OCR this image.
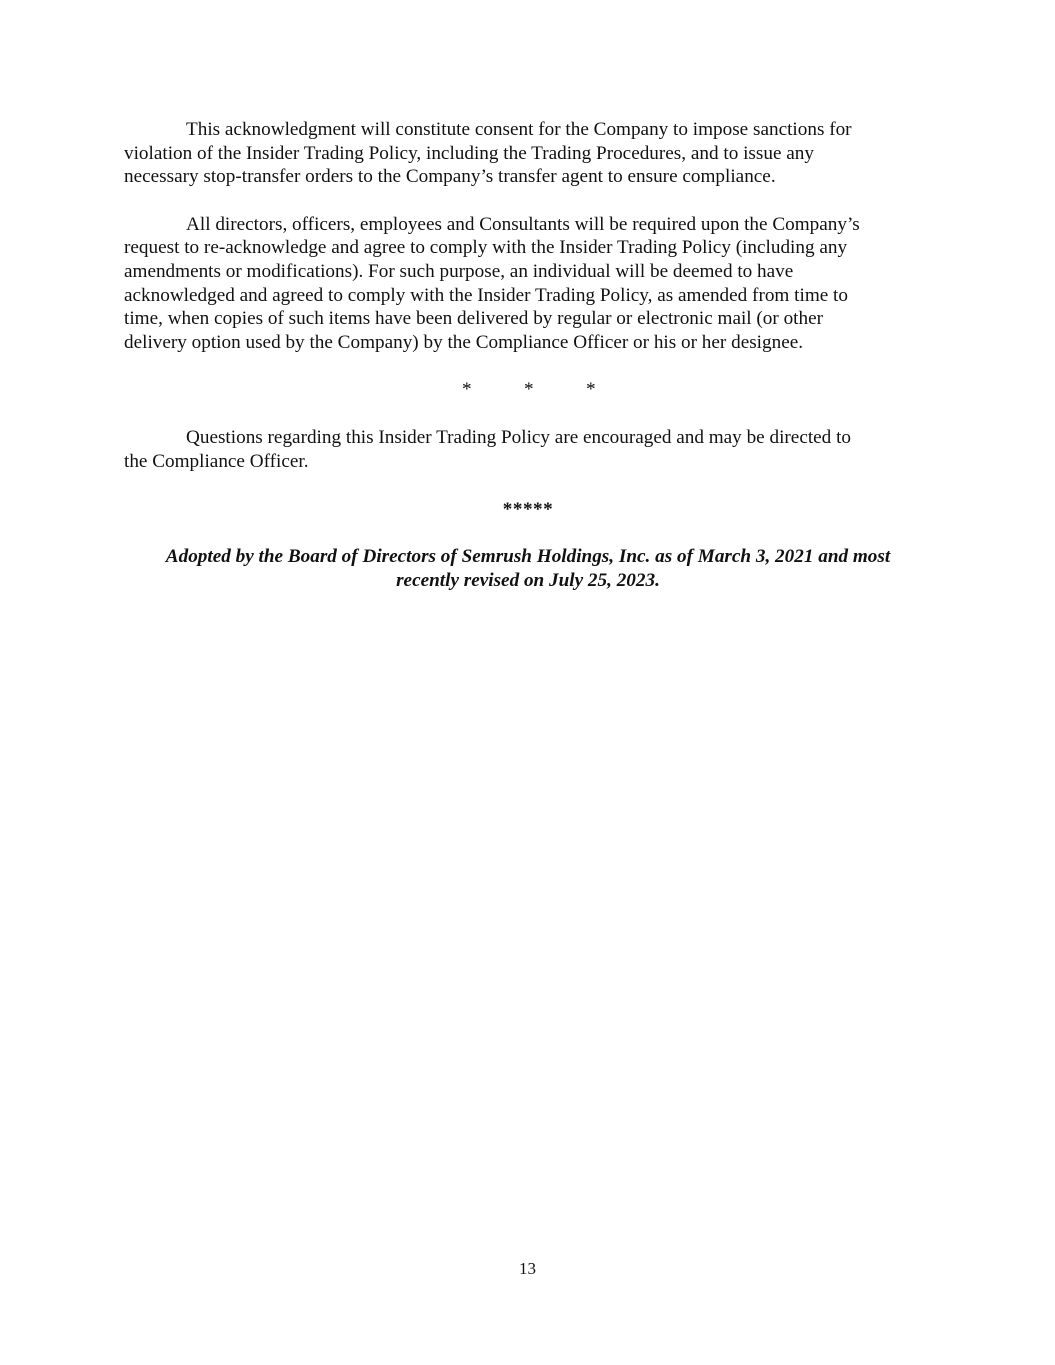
This acknowledgment will constitute consent for the Company to impose sanctions for
violation of the Insider Trading Policy, including the Trading Procedures, and to issue any
necessary stop-transfer orders to the Company’s transfer agent to ensure compliance.

All directors, officers, employees and Consultants will be required upon the Company’s
request to re-acknowledge and agree to comply with the Insider Trading Policy (including any
amendments or modifications). For such purpose, an individual will be deemed to have
acknowledged and agreed to comply with the Insider Trading Policy, as amended from time to
time, when copies of such items have been delivered by regular or electronic mail (or other
delivery option used by the Company) by the Compliance Officer or his or her designee.

*	*	*

Questions regarding this Insider Trading Policy are encouraged and may be directed to
the Compliance Officer.

*****

Adopted by the Board of Directors of Semrush Holdings, Inc. as of March 3, 2021 and most
recently revised on July 25, 2023.

13
